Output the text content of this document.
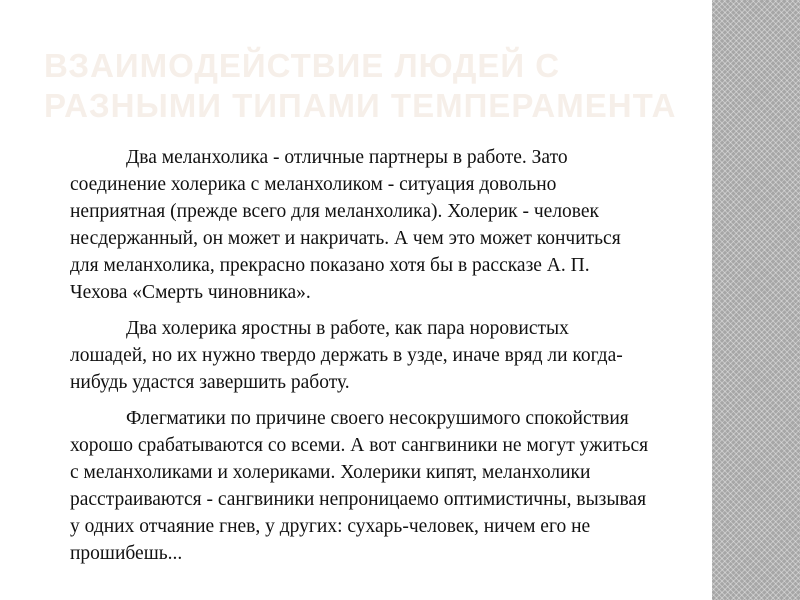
ВЗАИМОДЕЙСТВИЕ ЛЮДЕЙ С
РАЗНЫМИ ТИПАМИ ТЕМПЕРАМЕНТА

Два меланхолика - отличные партнеры в работе. Зато соединение холерика с меланхоликом - ситуация довольно неприятная (прежде всего для меланхолика). Холерик - человек несдержанный, он может и накричать. А чем это может кончиться для меланхолика, прекрасно показано хотя бы в рассказе А. П. Чехова «Смерть чиновника».

Два холерика яростны в работе, как пара норовистых лошадей, но их нужно твердо держать в узде, иначе вряд ли когда-нибудь удастся завершить работу.

Флегматики по причине своего несокрушимого спокойствия хорошо срабатываются со всеми. А вот сангвиники не могут ужиться с меланхоликами и холериками. Холерики кипят, меланхолики расстраиваются - сангвиники непроницаемо оптимистичны, вызывая у одних отчаяние гнев, у других: сухарь-человек, ничем его не прошибешь...
